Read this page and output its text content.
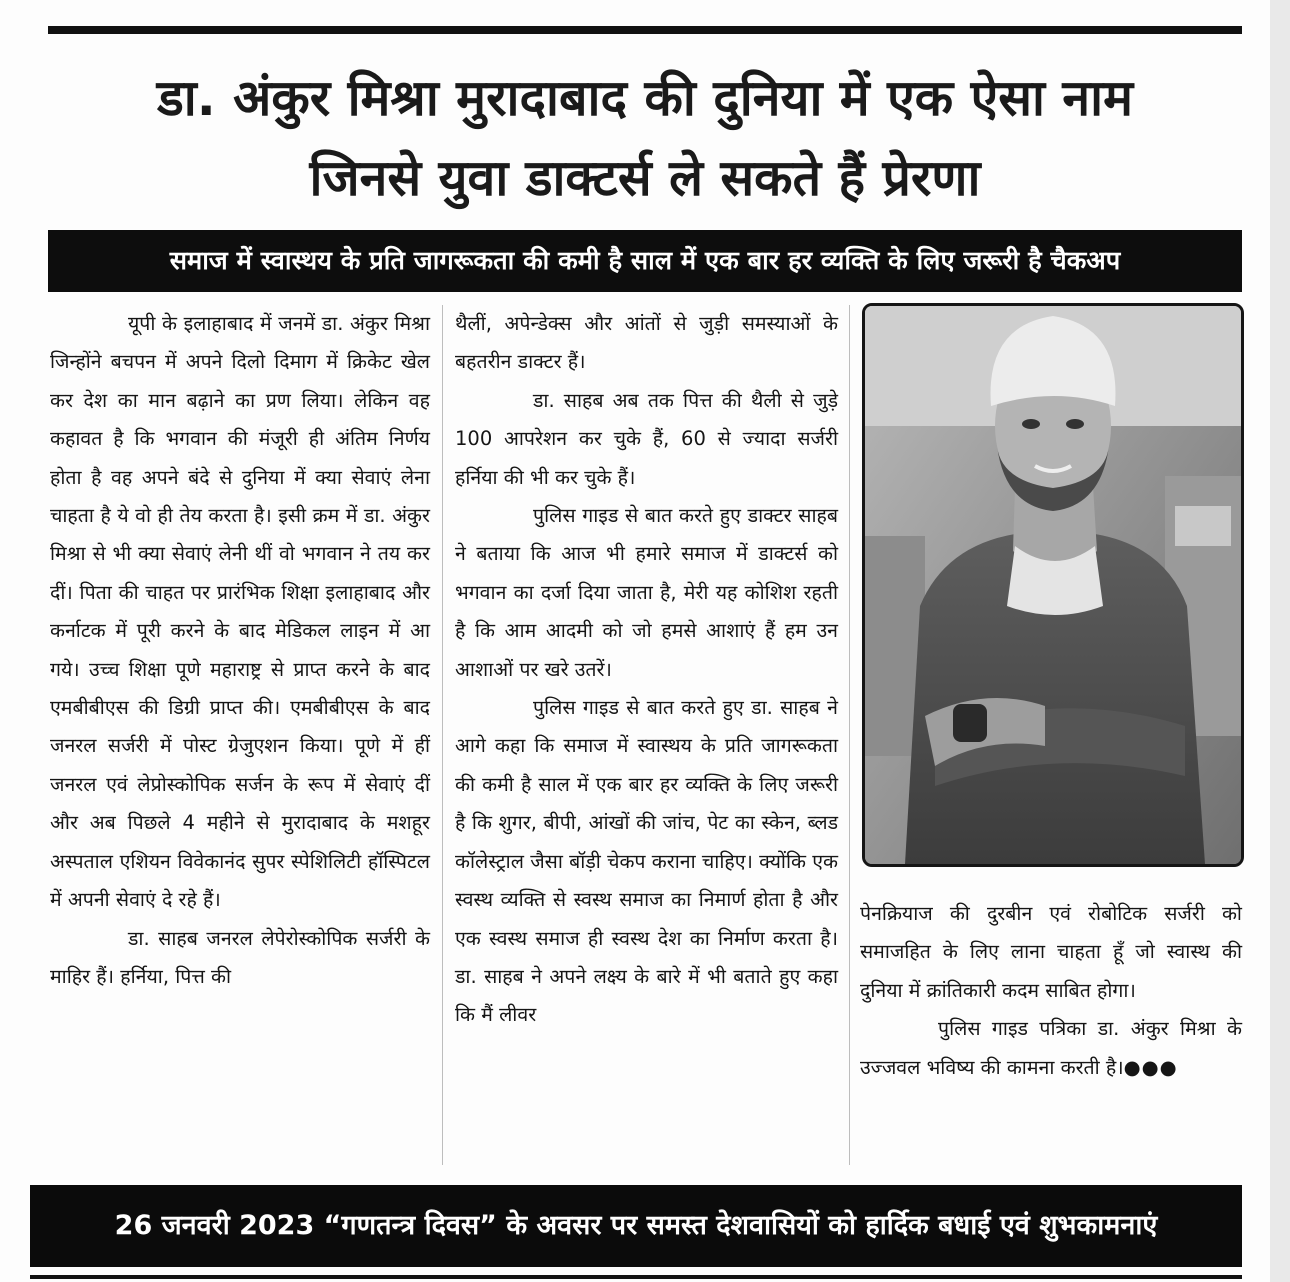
डा. अंकुर मिश्रा मुरादाबाद की दुनिया में एक ऐसा नाम
जिनसे युवा डाक्टर्स ले सकते हैं प्रेरणा
समाज में स्वास्थय के प्रति जागरूकता की कमी है साल में एक बार हर व्यक्ति के लिए जरूरी है चैकअप

यूपी के इलाहाबाद में जनमें डा. अंकुर मिश्रा जिन्होंने बचपन में अपने दिलो दिमाग में क्रिकेट खेल कर देश का मान बढ़ाने का प्रण लिया। लेकिन वह कहावत है कि भगवान की मंजूरी ही अंतिम निर्णय होता है वह अपने बंदे से दुनिया में क्या सेवाएं लेना चाहता है ये वो ही तेय करता है। इसी क्रम में डा. अंकुर मिश्रा से भी क्या सेवाएं लेनी थीं वो भगवान ने तय कर दीं। पिता की चाहत पर प्रारंभिक शिक्षा इलाहाबाद और कर्नाटक में पूरी करने के बाद मेडिकल लाइन में आ गये। उच्च शिक्षा पूणे महाराष्ट्र से प्राप्त करने के बाद एमबीबीएस की डिग्री प्राप्त की। एमबीबीएस के बाद जनरल सर्जरी में पोस्ट ग्रेजुएशन किया। पूणे में हीं जनरल एवं लेप्रोस्कोपिक सर्जन के रूप में सेवाएं दीं और अब पिछले 4 महीने से मुरादाबाद के मशहूर अस्पताल एशियन विवेकानंद सुपर स्पेशिलिटी हॉस्पिटल में अपनी सेवाएं दे रहे हैं।

डा. साहब जनरल लेपेरोस्कोपिक सर्जरी के माहिर हैं। हर्निया, पित्त की

थैलीं, अपेन्डेक्स और आंतों से जुड़ी समस्याओं के बहतरीन डाक्टर हैं।

डा. साहब अब तक पित्त की थैली से जुड़े 100 आपरेशन कर चुके हैं, 60 से ज्यादा सर्जरी हर्निया की भी कर चुके हैं।

पुलिस गाइड से बात करते हुए डाक्टर साहब ने बताया कि आज भी हमारे समाज में डाक्टर्स को भगवान का दर्जा दिया जाता है, मेरी यह कोशिश रहती है कि आम आदमी को जो हमसे आशाएं हैं हम उन आशाओं पर खरे उतरें।

पुलिस गाइड से बात करते हुए डा. साहब ने आगे कहा कि समाज में स्वास्थय के प्रति जागरूकता की कमी है साल में एक बार हर व्यक्ति के लिए जरूरी है कि शुगर, बीपी, आंखों की जांच, पेट का स्केन, ब्लड कॉलेस्ट्राल जैसा बॉड़ी चेकप कराना चाहिए। क्योंकि एक स्वस्थ व्यक्ति से स्वस्थ समाज का निमार्ण होता है और एक स्वस्थ समाज ही स्वस्थ देश का निर्माण करता है। डा. साहब ने अपने लक्ष्य के बारे में भी बताते हुए कहा कि मैं लीवर

पेनक्रियाज की दुरबीन एवं रोबोटिक सर्जरी को समाजहित के लिए लाना चाहता हूँ जो स्वास्थ की दुनिया में क्रांतिकारी कदम साबित होगा।

पुलिस गाइड पत्रिका डा. अंकुर मिश्रा के उज्जवल भविष्य की कामना करती है।●●●

26 जनवरी 2023 “गणतन्त्र दिवस” के अवसर पर समस्त देशवासियों को हार्दिक बधाई एवं शुभकामनाएं
